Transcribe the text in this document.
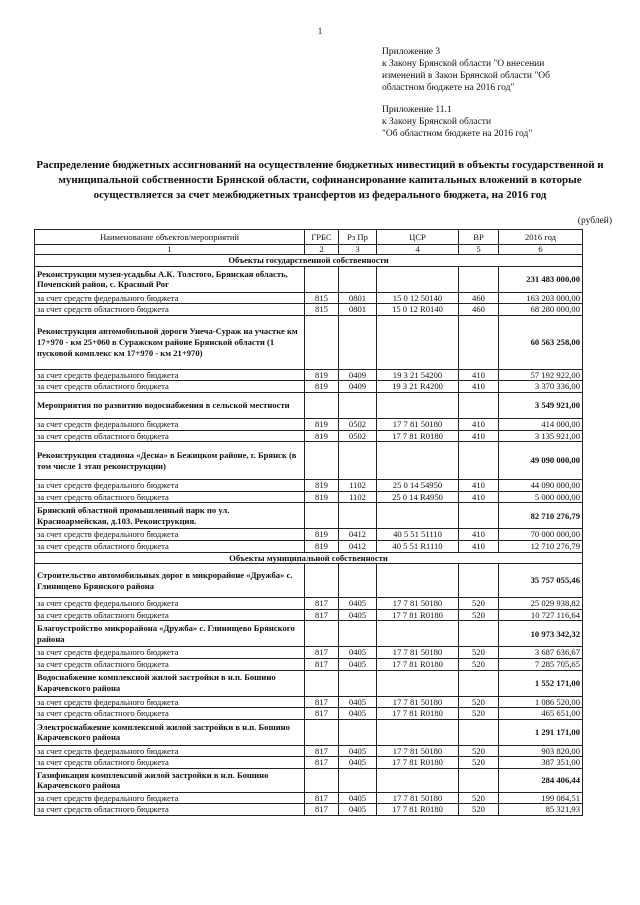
1
Приложение 3
к Закону Брянской области "О внесении
изменений в Закон Брянской области "Об
областном бюджете на 2016 год"
Приложение 11.1
к Закону Брянской области
"Об областном бюджете на 2016 год"
Распределение бюджетных ассигнований на осуществление бюджетных инвестиций в объекты государственной и муниципальной собственности Брянской области, софинансирование капитальных вложений в которые осуществляется за счет межбюджетных трансфертов из федерального бюджета, на 2016 год
(рублей)
Наименование объектов/мероприятий	ГРБС	Рз Пр	ЦСР	ВР	2016 год
1	2	3	4	5	6
Объекты государственной собственности					
Реконструкция музея-усадьбы А.К. Толстого, Брянская область, Почепский район, с. Красный Рог					231 483 000,00
за счет средств федерального бюджета	815	0801	15 0 12 50140	460	163 203 000,00
за счет средств областного бюджета	815	0801	15 0 12 R0140	460	68 280 000,00
Реконструкция автомобильной дороги Унеча-Сураж на участке км 17+970 - км 25+060 в Суражском районе Брянской области (1 пусковой комплекс км 17+970 - км 21+970)					60 563 258,00
за счет средств федерального бюджета	819	0409	19 3 21 54200	410	57 192 922,00
за счет средств областного бюджета	819	0409	19 3 21 R4200	410	3 370 336,00
Мероприятия по развитию водоснабжения в сельской местности					3 549 921,00
за счет средств федерального бюджета	819	0502	17 7 81 50180	410	414 000,00
за счет средств областного бюджета	819	0502	17 7 81 R0180	410	3 135 921,00
Реконструкция стадиона «Десна» в Бежицком районе, г. Брянск (в том числе 1 этап реконструкции)					49 090 000,00
за счет средств федерального бюджета	819	1102	25 0 14 54950	410	44 090 000,00
за счет средств областного бюджета	819	1102	25 0 14 R4950	410	5 000 000,00
Брянский областной промышленный парк по ул. Красноармейская, д.103. Реконструкция.					82 710 276,79
за счет средств федерального бюджета	819	0412	40 5 51 51110	410	70 000 000,00
за счет средств областного бюджета	819	0412	40 5 51 R1110	410	12 710 276,79
Объекты муниципальной собственности					
Строительство автомобильных дорог в микрорайоне «Дружба» с. Глинищево Брянского района					35 757 055,46
за счет средств федерального бюджета	817	0405	17 7 81 50180	520	25 029 938,82
за счет средств областного бюджета	817	0405	17 7 81 R0180	520	10 727 116,64
Благоустройство микрорайона «Дружба» с. Глинищево Брянского района					10 973 342,32
за счет средств федерального бюджета	817	0405	17 7 81 50180	520	3 687 636,67
за счет средств областного бюджета	817	0405	17 7 81 R0180	520	7 285 705,65
Водоснабжение комплексной жилой застройки в н.п. Бошино Карачевского района					1 552 171,00
за счет средств федерального бюджета	817	0405	17 7 81 50180	520	1 086 520,00
за счет средств областного бюджета	817	0405	17 7 81 R0180	520	465 651,00
Электроснабжение комплексной жилой застройки в н.п. Бошино Карачевского района					1 291 171,00
за счет средств федерального бюджета	817	0405	17 7 81 50180	520	903 820,00
за счет средств областного бюджета	817	0405	17 7 81 R0180	520	387 351,00
Газификация комплексной жилой застройки в н.п. Бошино Карачевского района					284 406,44
за счет средств федерального бюджета	817	0405	17 7 81 50180	520	199 084,51
за счет средств областного бюджета	817	0405	17 7 81 R0180	520	85 321,93
